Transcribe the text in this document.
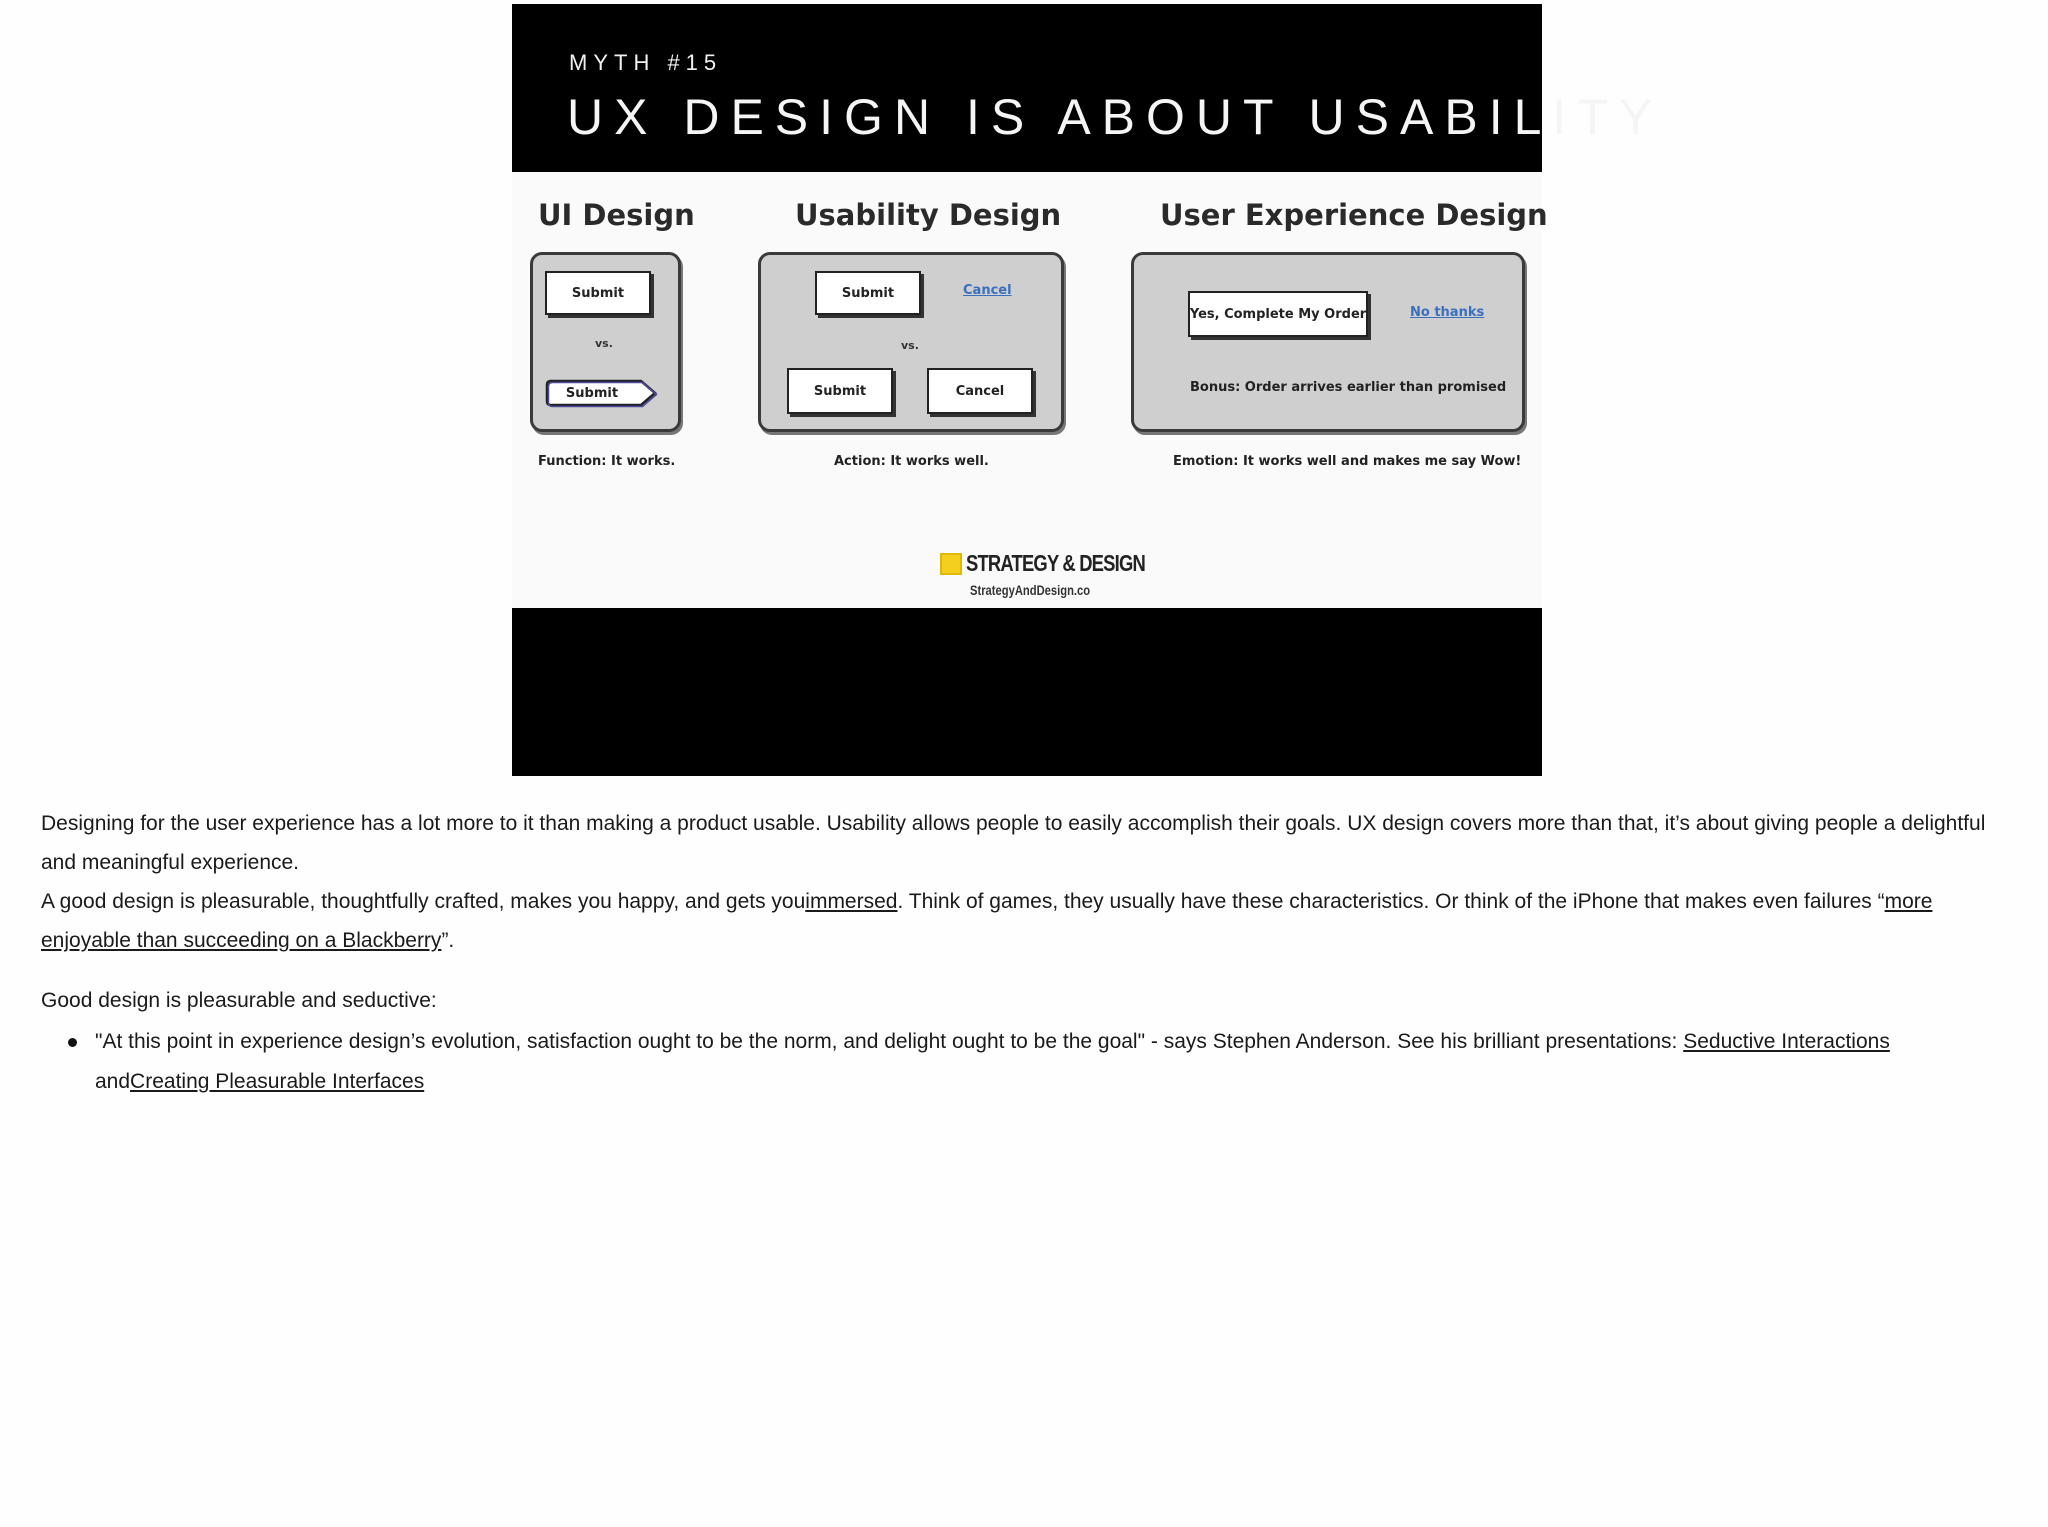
MYTH #15
UX DESIGN IS ABOUT USABILITY
UI Design
Submit
vs.
Submit
Function: It works.
Usability Design
Submit	Cancel
vs.
Submit	Cancel
Action: It works well.
User Experience Design
Yes, Complete My Order	No thanks
Bonus: Order arrives earlier than promised
Emotion: It works well and makes me say Wow!
STRATEGY & DESIGN
StrategyAndDesign.co

Designing for the user experience has a lot more to it than making a product usable. Usability allows people to easily accomplish their goals. UX design covers more than that, it’s about giving people a delightful and meaningful experience.

A good design is pleasurable, thoughtfully crafted, makes you happy, and gets youimmersed. Think of games, they usually have these characteristics. Or think of the iPhone that makes even failures “more enjoyable than succeeding on a Blackberry”.

Good design is pleasurable and seductive:

"At this point in experience design’s evolution, satisfaction ought to be the norm, and delight ought to be the goal" - says Stephen Anderson. See his brilliant presentations: Seductive Interactions andCreating Pleasurable Interfaces
